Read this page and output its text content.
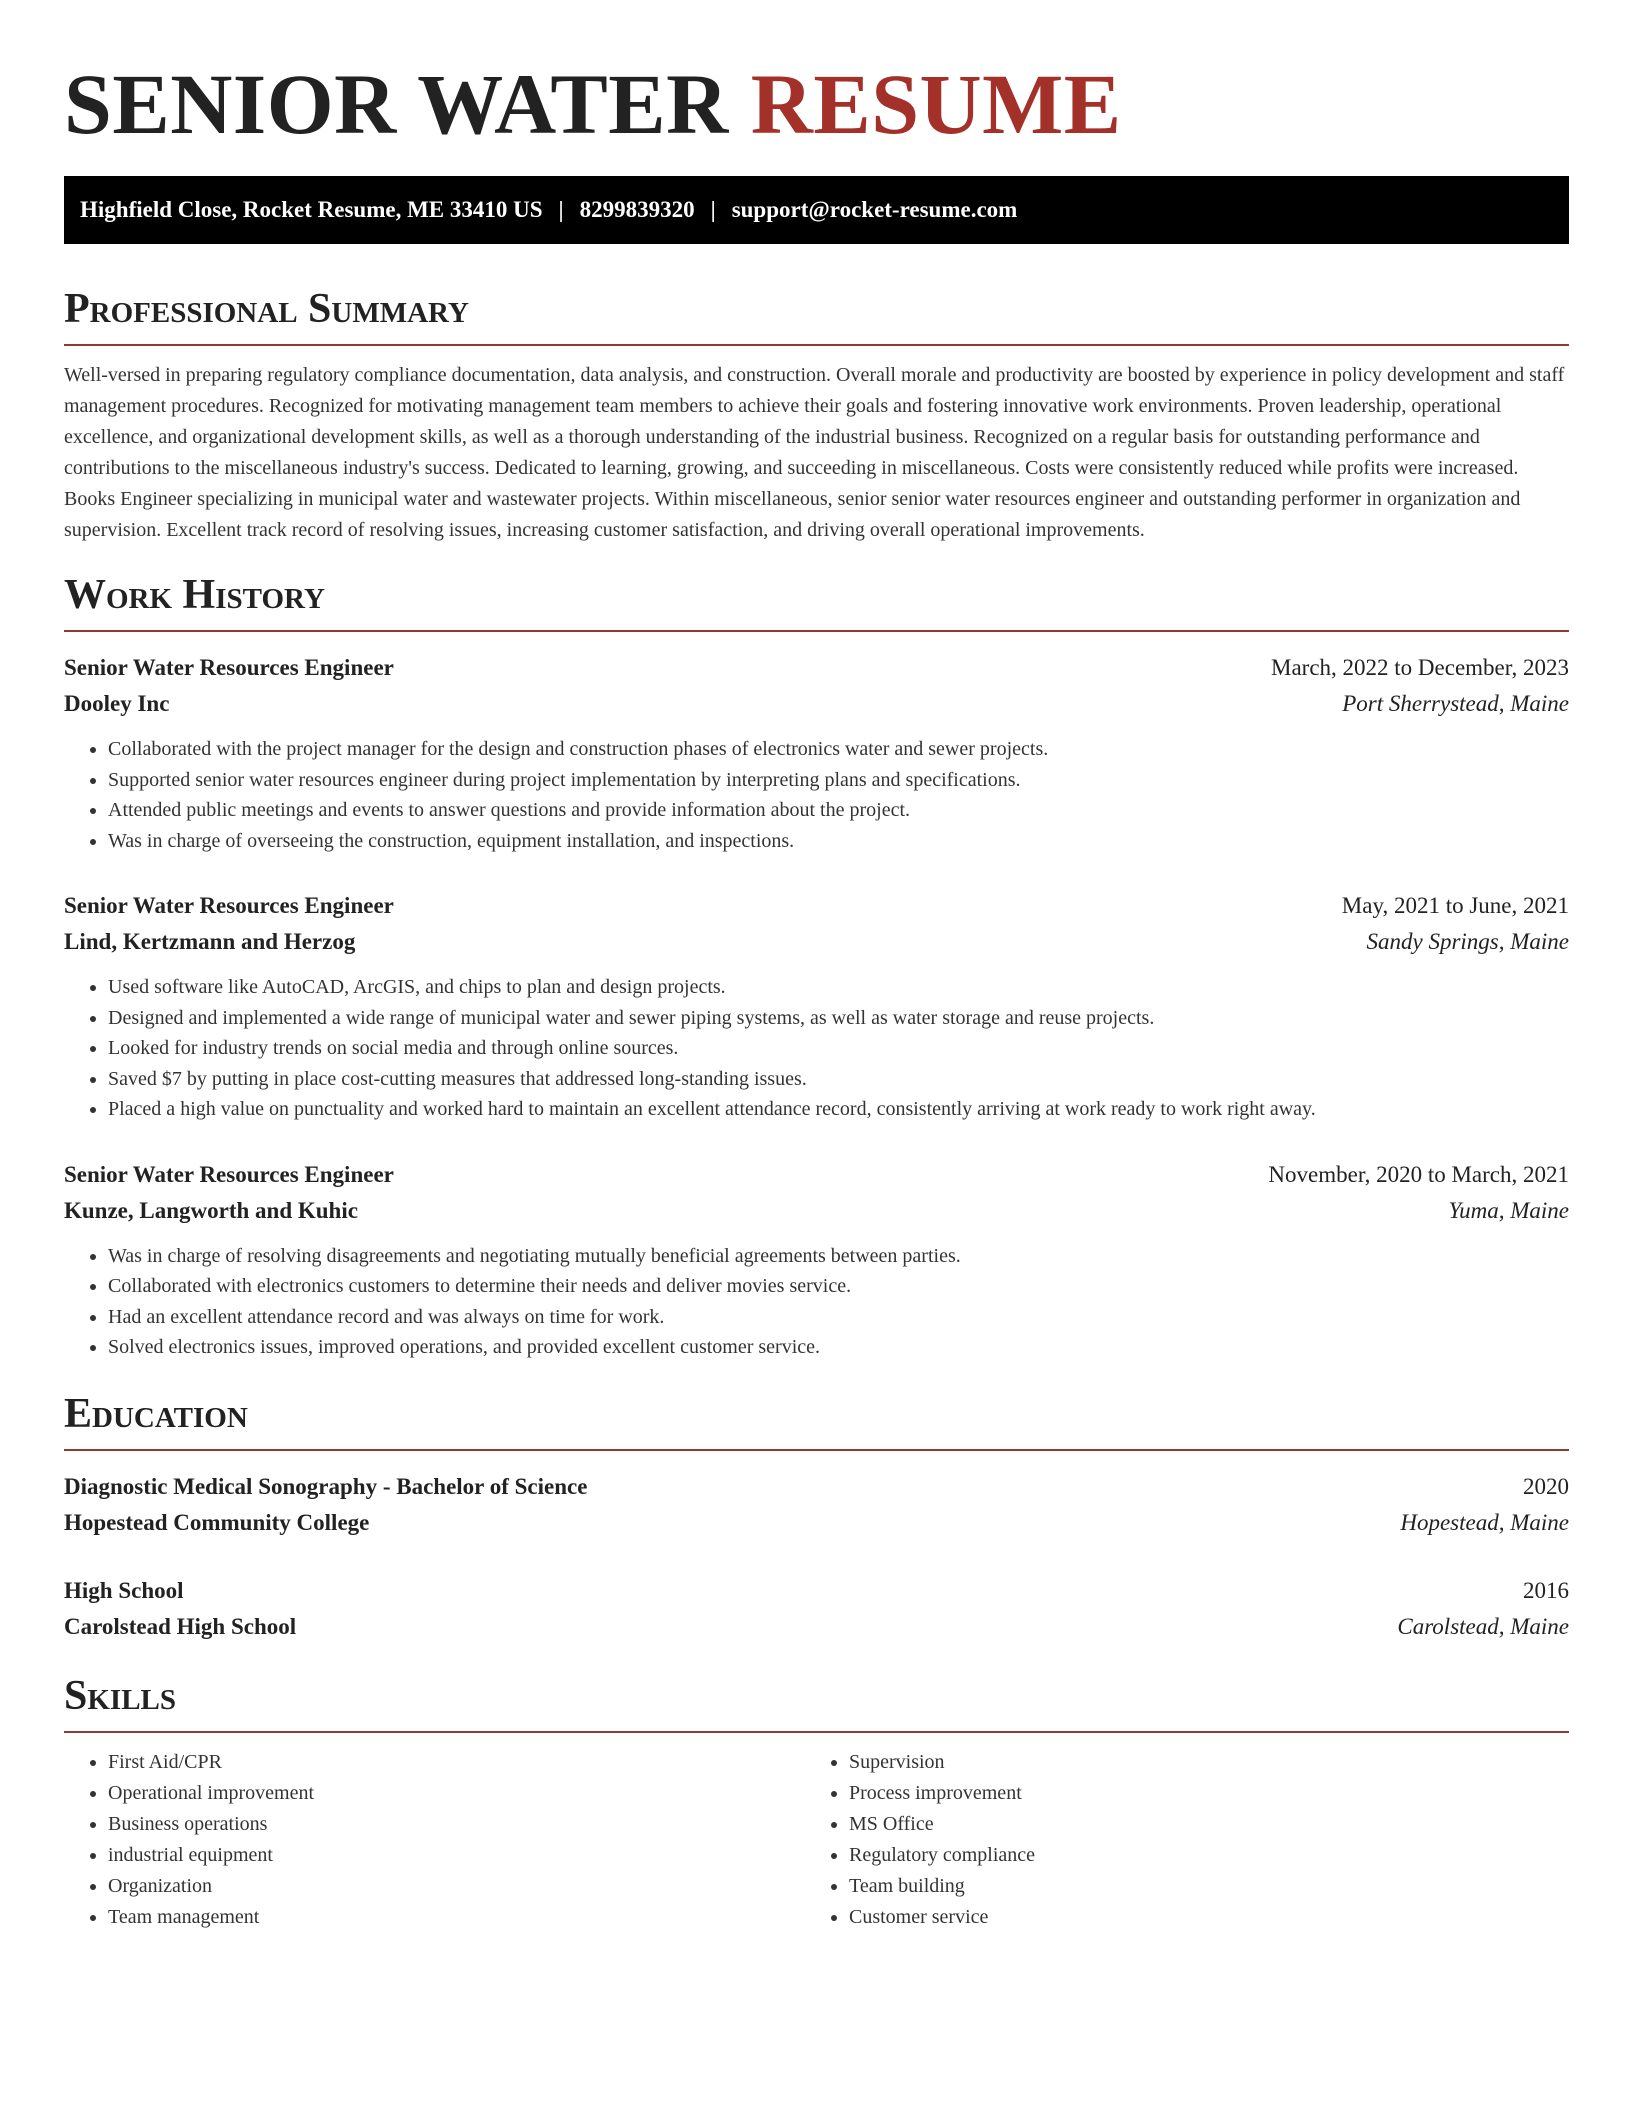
SENIOR WATER RESUME
Highfield Close, Rocket Resume, ME 33410 US | 8299839320 | support@rocket-resume.com
Professional Summary

Well-versed in preparing regulatory compliance documentation, data analysis, and construction. Overall morale and productivity are boosted by experience in policy development and staff management procedures. Recognized for motivating management team members to achieve their goals and fostering innovative work environments. Proven leadership, operational excellence, and organizational development skills, as well as a thorough understanding of the industrial business. Recognized on a regular basis for outstanding performance and contributions to the miscellaneous industry's success. Dedicated to learning, growing, and succeeding in miscellaneous. Costs were consistently reduced while profits were increased. Books Engineer specializing in municipal water and wastewater projects. Within miscellaneous, senior senior water resources engineer and outstanding performer in organization and supervision. Excellent track record of resolving issues, increasing customer satisfaction, and driving overall operational improvements.

Work History
Senior Water Resources Engineer	March, 2022 to December, 2023
Dooley Inc	Port Sherrystead, Maine
• Collaborated with the project manager for the design and construction phases of electronics water and sewer projects.
• Supported senior water resources engineer during project implementation by interpreting plans and specifications.
• Attended public meetings and events to answer questions and provide information about the project.
• Was in charge of overseeing the construction, equipment installation, and inspections.
Senior Water Resources Engineer	May, 2021 to June, 2021
Lind, Kertzmann and Herzog	Sandy Springs, Maine
• Used software like AutoCAD, ArcGIS, and chips to plan and design projects.
• Designed and implemented a wide range of municipal water and sewer piping systems, as well as water storage and reuse projects.
• Looked for industry trends on social media and through online sources.
• Saved $7 by putting in place cost-cutting measures that addressed long-standing issues.
• Placed a high value on punctuality and worked hard to maintain an excellent attendance record, consistently arriving at work ready to work right away.
Senior Water Resources Engineer	November, 2020 to March, 2021
Kunze, Langworth and Kuhic	Yuma, Maine
• Was in charge of resolving disagreements and negotiating mutually beneficial agreements between parties.
• Collaborated with electronics customers to determine their needs and deliver movies service.
• Had an excellent attendance record and was always on time for work.
• Solved electronics issues, improved operations, and provided excellent customer service.
Education
Diagnostic Medical Sonography - Bachelor of Science	2020
Hopestead Community College	Hopestead, Maine
High School	2016
Carolstead High School	Carolstead, Maine
Skills
• First Aid/CPR
• Operational improvement
• Business operations
• industrial equipment
• Organization
• Team management
• Supervision
• Process improvement
• MS Office
• Regulatory compliance
• Team building
• Customer service
